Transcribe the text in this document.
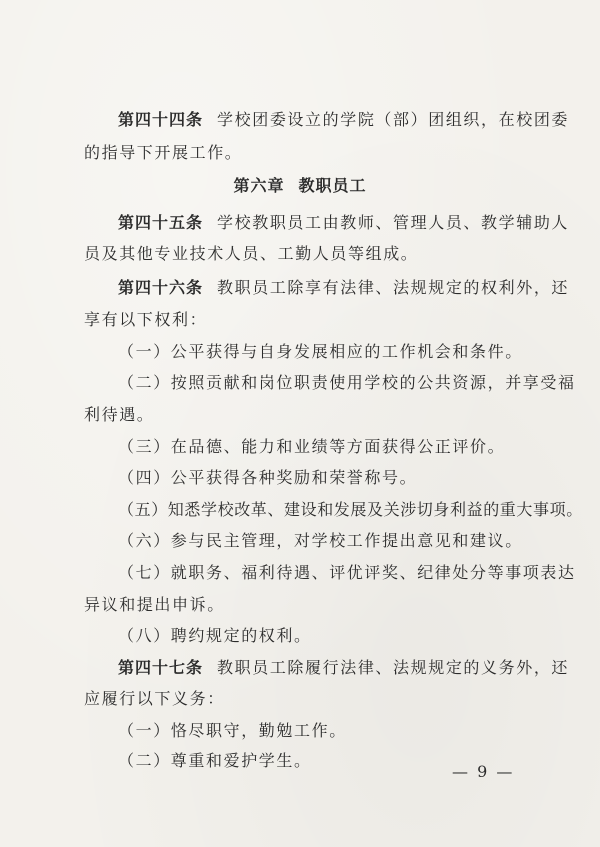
第四十四条 学校团委设立的学院（部）团组织，在校团委
的指导下开展工作。
第六章 教职员工
第四十五条 学校教职员工由教师、管理人员、教学辅助人
员及其他专业技术人员、工勤人员等组成。
第四十六条 教职员工除享有法律、法规规定的权利外，还
享有以下权利：
（一）公平获得与自身发展相应的工作机会和条件。
（二）按照贡献和岗位职责使用学校的公共资源，并享受福
利待遇。
（三）在品德、能力和业绩等方面获得公正评价。
（四）公平获得各种奖励和荣誉称号。
（五）知悉学校改革、建设和发展及关涉切身利益的重大事项。
（六）参与民主管理，对学校工作提出意见和建议。
（七）就职务、福利待遇、评优评奖、纪律处分等事项表达
异议和提出申诉。
（八）聘约规定的权利。
第四十七条 教职员工除履行法律、法规规定的义务外，还
应履行以下义务：
（一）恪尽职守，勤勉工作。
（二）尊重和爱护学生。
— 9 —
